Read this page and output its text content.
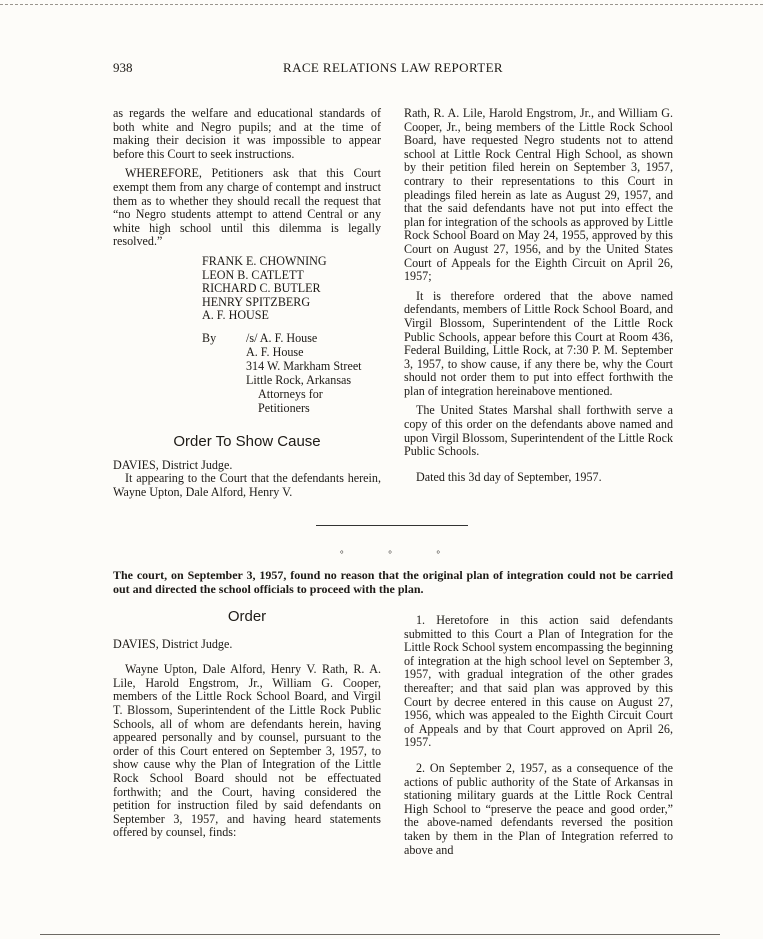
938	RACE RELATIONS LAW REPORTER

as regards the welfare and educational standards of both white and Negro pupils; and at the time of making their decision it was impossible to appear before this Court to seek instructions.

WHEREFORE, Petitioners ask that this Court exempt them from any charge of contempt and instruct them as to whether they should recall the request that “no Negro students attempt to attend Central or any white high school until this dilemma is legally resolved.”

FRANK E. CHOWNING
LEON B. CATLETT
RICHARD C. BUTLER
HENRY SPITZBERG
A. F. HOUSE
By	/s/ A. F. House
A. F. House
314 W. Markham Street
Little Rock, Arkansas
Attorneys for
Petitioners

Order To Show Cause

DAVIES, District Judge.

It appearing to the Court that the defendants herein, Wayne Upton, Dale Alford, Henry V.

Rath, R. A. Lile, Harold Engstrom, Jr., and William G. Cooper, Jr., being members of the Little Rock School Board, have requested Negro students not to attend school at Little Rock Central High School, as shown by their petition filed herein on September 3, 1957, contrary to their representations to this Court in pleadings filed herein as late as August 29, 1957, and that the said defendants have not put into effect the plan for integration of the schools as approved by Little Rock School Board on May 24, 1955, approved by this Court on August 27, 1956, and by the United States Court of Appeals for the Eighth Circuit on April 26, 1957;

It is therefore ordered that the above named defendants, members of Little Rock School Board, and Virgil Blossom, Superintendent of the Little Rock Public Schools, appear before this Court at Room 436, Federal Building, Little Rock, at 7:30 P. M. September 3, 1957, to show cause, if any there be, why the Court should not order them to put into effect forthwith the plan of integration hereinabove mentioned.

The United States Marshal shall forthwith serve a copy of this order on the defendants above named and upon Virgil Blossom, Superintendent of the Little Rock Public Schools.

Dated this 3d day of September, 1957.

°	°	°
The court, on September 3, 1957, found no reason that the original plan of integration could not be carried out and directed the school officials to proceed with the plan.

Order

DAVIES, District Judge.

Wayne Upton, Dale Alford, Henry V. Rath, R. A. Lile, Harold Engstrom, Jr., William G. Cooper, members of the Little Rock School Board, and Virgil T. Blossom, Superintendent of the Little Rock Public Schools, all of whom are defendants herein, having appeared personally and by counsel, pursuant to the order of this Court entered on September 3, 1957, to show cause why the Plan of Integration of the Little Rock School Board should not be effectuated forthwith; and the Court, having considered the petition for instruction filed by said defendants on September 3, 1957, and having heard statements offered by counsel, finds:

1. Heretofore in this action said defendants submitted to this Court a Plan of Integration for the Little Rock School system encompassing the beginning of integration at the high school level on September 3, 1957, with gradual integration of the other grades thereafter; and that said plan was approved by this Court by decree entered in this cause on August 27, 1956, which was appealed to the Eighth Circuit Court of Appeals and by that Court approved on April 26, 1957.

2. On September 2, 1957, as a consequence of the actions of public authority of the State of Arkansas in stationing military guards at the Little Rock Central High School to “preserve the peace and good order,” the above-named defendants reversed the position taken by them in the Plan of Integration referred to above and
